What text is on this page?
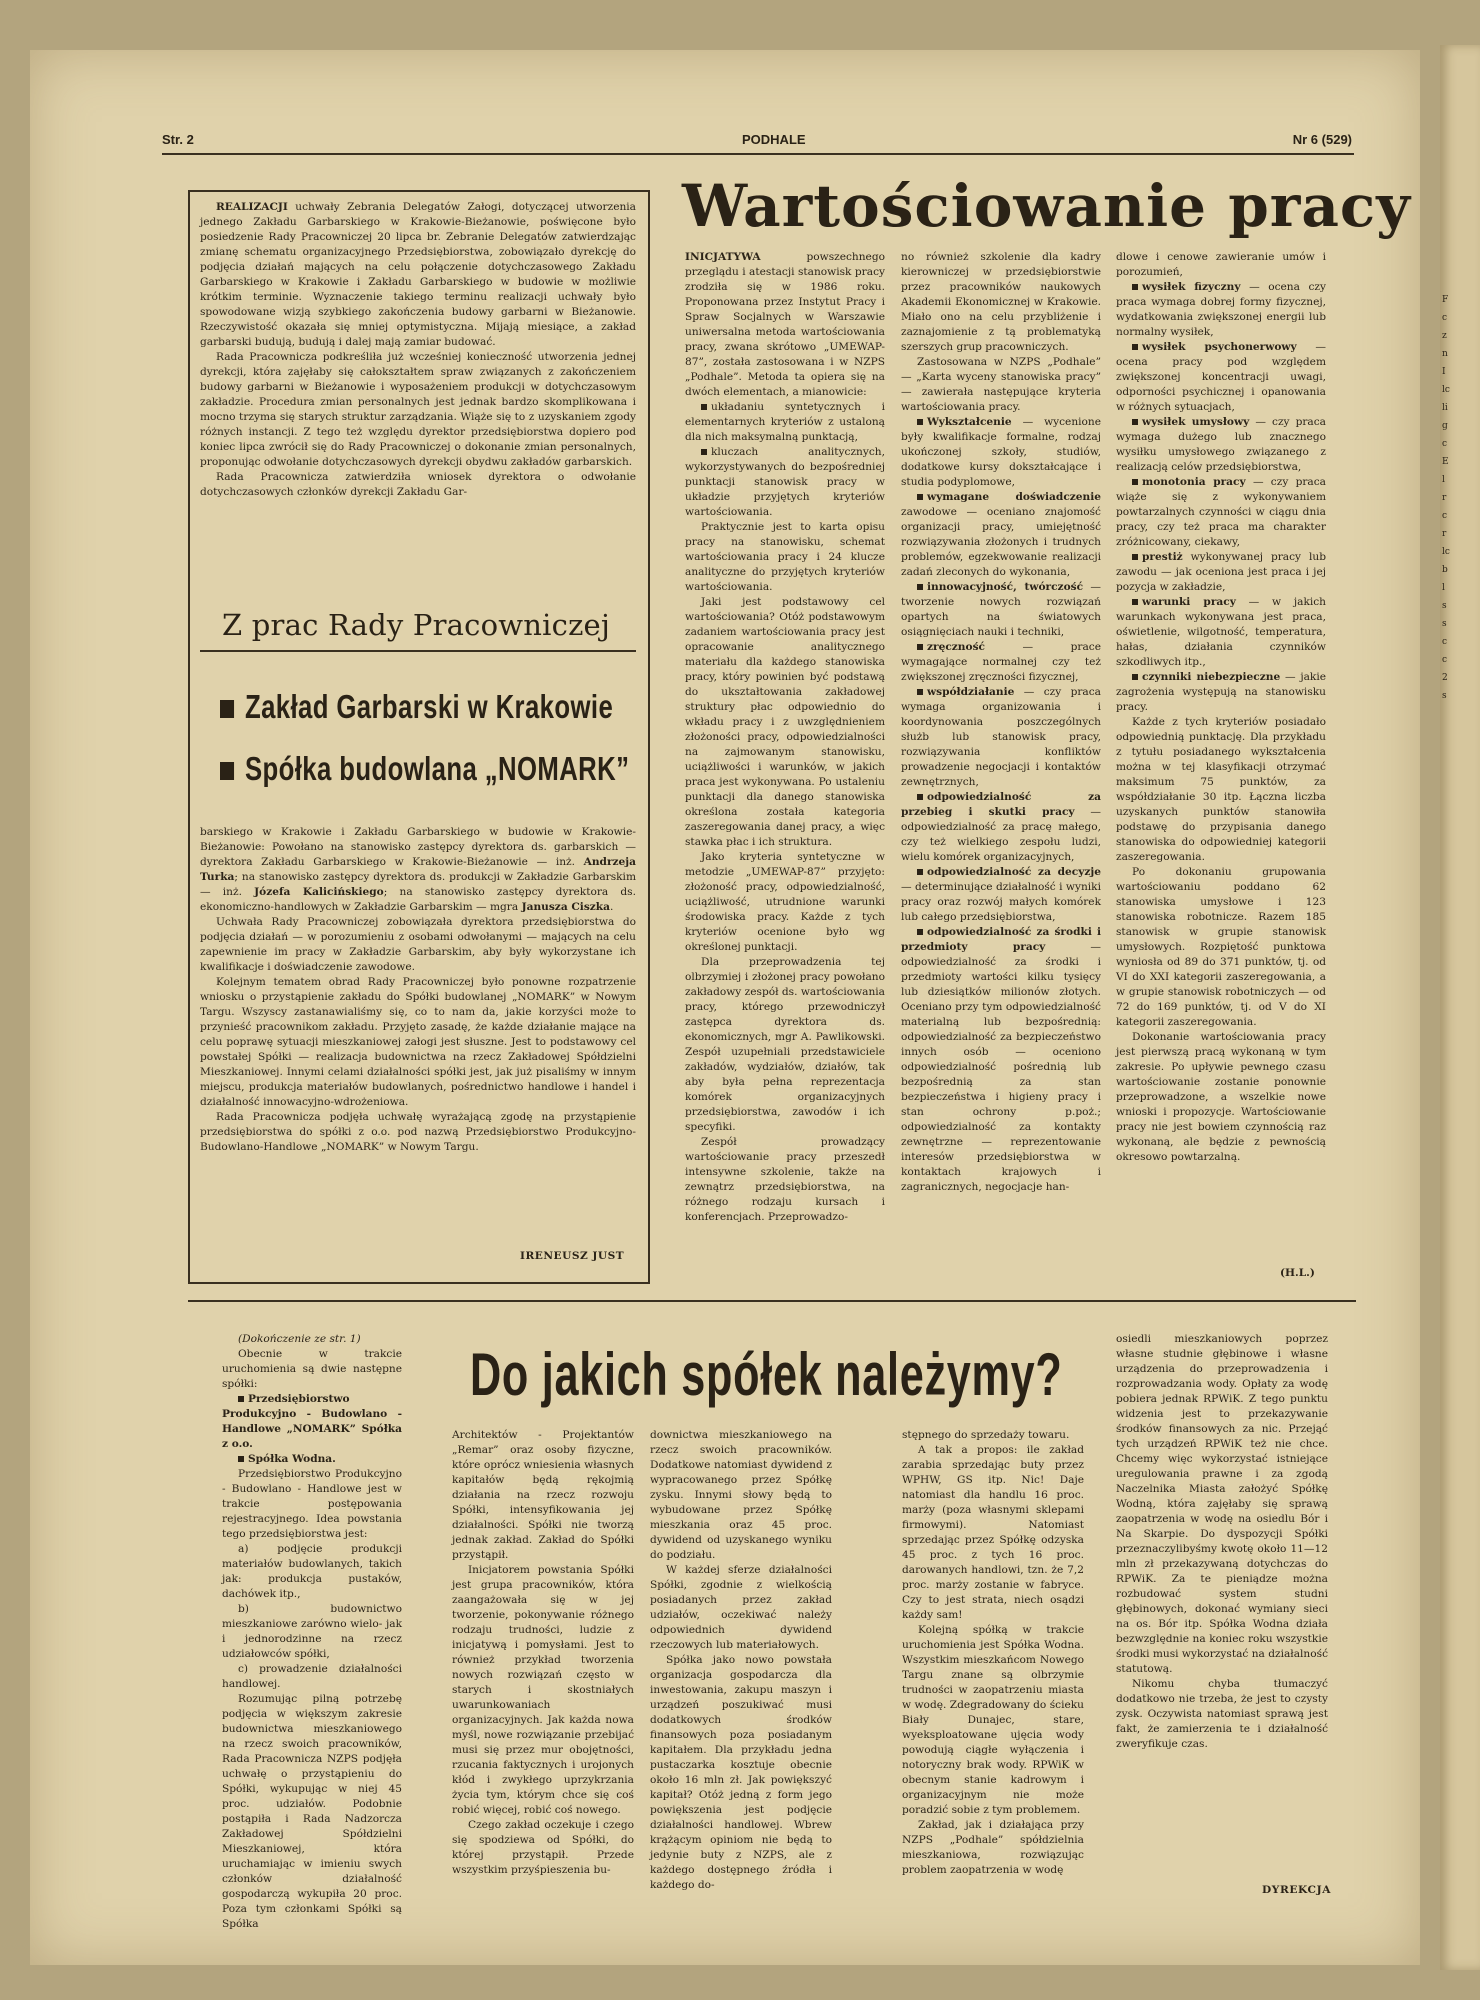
F
c
z
n
I
lc
li
g
c
E
l
r
c
r
lc
b
l
s
s
c
c
2
s
Str. 2	PODHALE	Nr 6 (529)

REALIZACJI uchwały Zebrania Delegatów Załogi, dotyczącej utworzenia jednego Zakładu Garbarskiego w Krakowie-Bieżanowie, poświęcone było posiedzenie Rady Pracowniczej 20 lipca br. Zebranie Delegatów zatwierdzając zmianę schematu organizacyjnego Przedsiębiorstwa, zobowiązało dyrekcję do podjęcia działań mających na celu połączenie dotychczasowego Zakładu Garbarskiego w Krakowie i Zakładu Garbarskiego w budowie w możliwie krótkim terminie. Wyznaczenie takiego terminu realizacji uchwały było spowodowane wizją szybkiego zakończenia budowy garbarni w Bieżanowie. Rzeczywistość okazała się mniej optymistyczna. Mijają miesiące, a zakład garbarski budują, budują i dalej mają zamiar budować.

Rada Pracownicza podkreśliła już wcześniej konieczność utworzenia jednej dyrekcji, która zajęłaby się całokształtem spraw związanych z zakończeniem budowy garbarni w Bieżanowie i wyposażeniem produkcji w dotychczasowym zakładzie. Procedura zmian personalnych jest jednak bardzo skomplikowana i mocno trzyma się starych struktur zarządzania. Wiąże się to z uzyskaniem zgody różnych instancji. Z tego też względu dyrektor przedsiębiorstwa dopiero pod koniec lipca zwrócił się do Rady Pracowniczej o dokonanie zmian personalnych, proponując odwołanie dotychczasowych dyrekcji obydwu zakładów garbarskich.

Rada Pracownicza zatwierdziła wniosek dyrektora o odwołanie dotychczasowych członków dyrekcji Zakładu Gar-

Z prac Rady Pracowniczej
Zakład Garbarski w Krakowie
Spółka budowlana „NOMARK”

barskiego w Krakowie i Zakładu Garbarskiego w budowie w Krakowie-Bieżanowie: Powołano na stanowisko zastępcy dyrektora ds. garbarskich — dyrektora Zakładu Garbarskiego w Krakowie-Bieżanowie — inż. Andrzeja Turka; na stanowisko zastępcy dyrektora ds. produkcji w Zakładzie Garbarskim — inż. Józefa Kalicińskiego; na stanowisko zastępcy dyrektora ds. ekonomiczno-handlowych w Zakładzie Garbarskim — mgra Janusza Ciszka.

Uchwała Rady Pracowniczej zobowiązała dyrektora przedsiębiorstwa do podjęcia działań — w porozumieniu z osobami odwołanymi — mających na celu zapewnienie im pracy w Zakładzie Garbarskim, aby były wykorzystane ich kwalifikacje i doświadczenie zawodowe.

Kolejnym tematem obrad Rady Pracowniczej było ponowne rozpatrzenie wniosku o przystąpienie zakładu do Spółki budowlanej „NOMARK” w Nowym Targu. Wszyscy zastanawialiśmy się, co to nam da, jakie korzyści może to przynieść pracownikom zakładu. Przyjęto zasadę, że każde działanie mające na celu poprawę sytuacji mieszkaniowej załogi jest słuszne. Jest to podstawowy cel powstałej Spółki — realizacja budownictwa na rzecz Zakładowej Spółdzielni Mieszkaniowej. Innymi celami działalności spółki jest, jak już pisaliśmy w innym miejscu, produkcja materiałów budowlanych, pośrednictwo handlowe i handel i działalność innowacyjno-wdrożeniowa.

Rada Pracownicza podjęła uchwałę wyrażającą zgodę na przystąpienie przedsiębiorstwa do spółki z o.o. pod nazwą Przedsiębiorstwo Produkcyjno-Budowlano-Handlowe „NOMARK” w Nowym Targu.

IRENEUSZ JUST
Wartościowanie pracy

INICJATYWA	powszechnego przeglądu i atestacji stanowisk pracy zrodziła się w 1986 roku. Proponowana przez Instytut Pracy i Spraw Socjalnych w Warszawie uniwersalna metoda wartościowania pracy, zwana skrótowo „UMEWAP-87”, została zastosowana i w NZPS „Podhale”. Metoda ta opiera się na dwóch elementach, a mianowicie:

układaniu syntetycznych i elementarnych kryteriów z ustaloną dla nich maksymalną punktacją,

kluczach analitycznych, wykorzystywanych do bezpośredniej punktacji stanowisk pracy w układzie przyjętych kryteriów wartościowania.

Praktycznie jest to karta opisu pracy na stanowisku, schemat wartościowania pracy i 24 klucze analityczne do przyjętych kryteriów wartościowania.

Jaki jest podstawowy cel wartościowania? Otóż podstawowym zadaniem wartościowania pracy jest opracowanie analitycznego materiału dla każdego stanowiska pracy, który powinien być podstawą do ukształtowania zakładowej struktury płac odpowiednio do wkładu pracy i z uwzględnieniem złożoności pracy, odpowiedzialności na zajmowanym stanowisku, uciążliwości i warunków, w jakich praca jest wykonywana. Po ustaleniu punktacji dla danego stanowiska określona została kategoria zaszeregowania danej pracy, a więc stawka płac i ich struktura.

Jako kryteria syntetyczne w metodzie „UMEWAP-87” przyjęto: złożoność pracy, odpowiedzialność, uciążliwość, utrudnione warunki środowiska pracy. Każde z tych kryteriów ocenione było wg określonej punktacji.

Dla przeprowadzenia tej olbrzymiej i złożonej pracy powołano zakładowy zespół ds. wartościowania pracy, którego przewodniczył zastępca dyrektora ds. ekonomicznych, mgr A. Pawlikowski. Zespół uzupełniali przedstawiciele zakładów, wydziałów, działów, tak aby była pełna reprezentacja komórek organizacyjnych przedsiębiorstwa, zawodów i ich specyfiki.

Zespół prowadzący wartościowanie pracy przeszedł intensywne szkolenie, także na zewnątrz przedsiębiorstwa, na różnego rodzaju kursach i konferencjach. Przeprowadzo-

no również szkolenie dla kadry kierowniczej w przedsiębiorstwie przez pracowników naukowych Akademii Ekonomicznej w Krakowie. Miało ono na celu przybliżenie i zaznajomienie z tą problematyką szerszych grup pracowniczych.

Zastosowana w NZPS „Podhale” — „Karta wyceny stanowiska pracy” — zawierała następujące kryteria wartościowania pracy.

Wykształcenie — wycenione były kwalifikacje formalne, rodzaj ukończonej szkoły, studiów, dodatkowe kursy dokształcające i studia podyplomowe,

wymagane doświadczenie zawodowe — oceniano znajomość organizacji pracy, umiejętność rozwiązywania złożonych i trudnych problemów, egzekwowanie realizacji zadań zleconych do wykonania,

innowacyjność, twórczość — tworzenie nowych rozwiązań opartych na światowych osiągnięciach nauki i techniki,

zręczność	— prace wymagające normalnej czy też zwiększonej zręczności fizycznej,

współdziałanie — czy praca wymaga organizowania i koordynowania poszczególnych służb lub stanowisk pracy, rozwiązywania konfliktów prowadzenie negocjacji i kontaktów zewnętrznych,

odpowiedzialność za przebieg i skutki pracy — odpowiedzialność za pracę małego, czy też wielkiego zespołu ludzi, wielu komórek organizacyjnych,

odpowiedzialność za decyzje — determinujące działalność i wyniki pracy oraz rozwój małych komórek lub całego przedsiębiorstwa,

odpowiedzialność za środki i przedmioty pracy	— odpowiedzialność za środki i przedmioty wartości kilku tysięcy lub dziesiątków milionów złotych. Oceniano przy tym odpowiedzialność materialną lub bezpośrednią: odpowiedzialność za bezpieczeństwo innych osób — oceniono odpowiedzialność pośrednią lub bezpośrednią za stan bezpieczeństwa i higieny pracy i stan ochrony p.poż.; odpowiedzialność za kontakty zewnętrzne — reprezentowanie interesów przedsiębiorstwa w kontaktach krajowych i zagranicznych, negocjacje han-

dlowe i cenowe zawieranie umów i porozumień,

wysiłek fizyczny — ocena czy praca wymaga dobrej formy fizycznej, wydatkowania zwiększonej energii lub normalny wysiłek,

wysiłek psychonerwowy — ocena pracy pod względem zwiększonej koncentracji uwagi, odporności psychicznej i opanowania w różnych sytuacjach,

wysiłek umysłowy — czy praca wymaga dużego lub znacznego wysiłku umysłowego związanego z realizacją celów przedsiębiorstwa,

monotonia pracy — czy praca wiąże się z wykonywaniem powtarzalnych czynności w ciągu dnia pracy, czy też praca ma charakter zróżnicowany, ciekawy,

prestiż wykonywanej pracy lub zawodu — jak oceniona jest praca i jej pozycja w zakładzie,

warunki pracy — w jakich warunkach wykonywana jest praca, oświetlenie, wilgotność, temperatura, hałas, działania czynników szkodliwych itp.,

czynniki niebezpieczne — jakie zagrożenia występują na stanowisku pracy.

Każde z tych kryteriów posiadało odpowiednią punktację. Dla przykładu z tytułu posiadanego wykształcenia można w tej klasyfikacji otrzymać maksimum 75 punktów, za współdziałanie 30 itp. Łączna liczba uzyskanych punktów stanowiła podstawę do przypisania danego stanowiska do odpowiedniej kategorii zaszeregowania.

Po dokonaniu grupowania wartościowaniu poddano 62 stanowiska umysłowe i 123 stanowiska robotnicze. Razem 185 stanowisk w grupie stanowisk umysłowych. Rozpiętość punktowa wyniosła od 89 do 371 punktów, tj. od VI do XXI kategorii zaszeregowania, a w grupie stanowisk robotniczych — od 72 do 169 punktów, tj. od V do XI kategorii zaszeregowania.

Dokonanie wartościowania pracy jest pierwszą pracą wykonaną w tym zakresie. Po upływie pewnego czasu wartościowanie zostanie ponownie przeprowadzone, a wszelkie nowe wnioski i propozycje. Wartościowanie pracy nie jest bowiem czynnością raz wykonaną, ale będzie z pewnością okresowo powtarzalną.

(H.L.)
Do jakich spółek należymy?

(Dokończenie ze str. 1)

Obecnie w trakcie uruchomienia są dwie następne spółki:

Przedsiębiorstwo Produkcyjno - Budowlano - Handlowe „NOMARK” Spółka z o.o.

Spółka Wodna.

Przedsiębiorstwo Produkcyjno - Budowlano - Handlowe jest w trakcie postępowania rejestracyjnego. Idea powstania tego przedsiębiorstwa jest:

a) podjęcie produkcji materiałów budowlanych, takich jak: produkcja pustaków, dachówek itp.,

b) budownictwo mieszkaniowe zarówno wielo- jak i jednorodzinne na rzecz udziałowców spółki,

c) prowadzenie działalności handlowej.

Rozumując pilną potrzebę podjęcia w większym zakresie budownictwa mieszkaniowego na rzecz swoich pracowników, Rada Pracownicza NZPS podjęła uchwałę o przystąpieniu do Spółki, wykupując w niej 45 proc. udziałów. Podobnie postąpiła i Rada Nadzorcza Zakładowej Spółdzielni Mieszkaniowej, która uruchamiając w imieniu swych członków działalność gospodarczą wykupiła 20 proc. Poza tym członkami Spółki są Spółka

Architektów - Projektantów „Remar” oraz osoby fizyczne, które oprócz wniesienia własnych kapitałów będą rękojmią działania na rzecz rozwoju Spółki, intensyfikowania jej działalności. Spółki nie tworzą jednak zakład. Zakład do Spółki przystąpił.

Inicjatorem powstania Spółki jest grupa pracowników, która zaangażowała się w jej tworzenie, pokonywanie różnego rodzaju trudności, ludzie z inicjatywą i pomysłami. Jest to również przykład tworzenia nowych rozwiązań często w starych i skostniałych uwarunkowaniach organizacyjnych. Jak każda nowa myśl, nowe rozwiązanie przebijać musi się przez mur obojętności, rzucania faktycznych i urojonych kłód i zwykłego uprzykrzania życia tym, którym chce się coś robić więcej, robić coś nowego.

Czego zakład oczekuje i czego się spodziewa od Spółki, do której przystąpił. Przede wszystkim przyśpieszenia bu-

downictwa mieszkaniowego na rzecz swoich pracowników. Dodatkowe natomiast dywidend z wypracowanego przez Spółkę zysku. Innymi słowy będą to wybudowane przez Spółkę mieszkania oraz 45 proc. dywidend od uzyskanego wyniku do podziału.

W każdej sferze działalności Spółki, zgodnie z wielkością posiadanych przez zakład udziałów, oczekiwać należy odpowiednich dywidend rzeczowych lub materiałowych.

Spółka jako nowo powstała organizacja gospodarcza dla inwestowania, zakupu maszyn i urządzeń poszukiwać musi dodatkowych środków finansowych poza posiadanym kapitałem. Dla przykładu jedna pustaczarka kosztuje obecnie około 16 mln zł. Jak powiększyć kapitał? Otóż jedną z form jego powiększenia jest podjęcie działalności handlowej. Wbrew krążącym opiniom nie będą to jedynie buty z NZPS, ale z każdego dostępnego źródła i każdego do-

stępnego do sprzedaży towaru.

A tak a propos: ile zakład zarabia sprzedając buty przez WPHW, GS itp. Nic! Daje natomiast dla handlu 16 proc. marży (poza własnymi sklepami firmowymi). Natomiast sprzedając przez Spółkę odzyska 45 proc. z tych 16 proc. darowanych handlowi, tzn. że 7,2 proc. marży zostanie w fabryce. Czy to jest strata, niech osądzi każdy sam!

Kolejną spółką w trakcie uruchomienia jest Spółka Wodna. Wszystkim mieszkańcom Nowego Targu znane są olbrzymie trudności w zaopatrzeniu miasta w wodę. Zdegradowany do ścieku Biały Dunajec, stare, wyeksploatowane ujęcia wody powodują ciągłe wyłączenia i notoryczny brak wody. RPWiK w obecnym stanie kadrowym i organizacyjnym nie może poradzić sobie z tym problemem.

Zakład, jak i działająca przy NZPS „Podhale” spółdzielnia mieszkaniowa, rozwiązując problem zaopatrzenia w wodę

osiedli mieszkaniowych poprzez własne studnie głębinowe i własne urządzenia do przeprowadzenia i rozprowadzania wody. Opłaty za wodę pobiera jednak RPWiK. Z tego punktu widzenia jest to przekazywanie środków finansowych za nic. Przejąć tych urządzeń RPWiK też nie chce. Chcemy więc wykorzystać istniejące uregulowania prawne i za zgodą Naczelnika Miasta założyć Spółkę Wodną, która zajęłaby się sprawą zaopatrzenia w wodę na osiedlu Bór i Na Skarpie. Do dyspozycji Spółki przeznaczylibyśmy kwotę około 11—12 mln zł przekazywaną dotychczas do RPWiK. Za te pieniądze można rozbudować system studni głębinowych, dokonać wymiany sieci na os. Bór itp. Spółka Wodna działa bezwzględnie na koniec roku wszystkie środki musi wykorzystać na działalność statutową.

Nikomu chyba tłumaczyć dodatkowo nie trzeba, że jest to czysty zysk. Oczywista natomiast sprawą jest fakt, że zamierzenia te i działalność zweryfikuje czas.

DYREKCJA
